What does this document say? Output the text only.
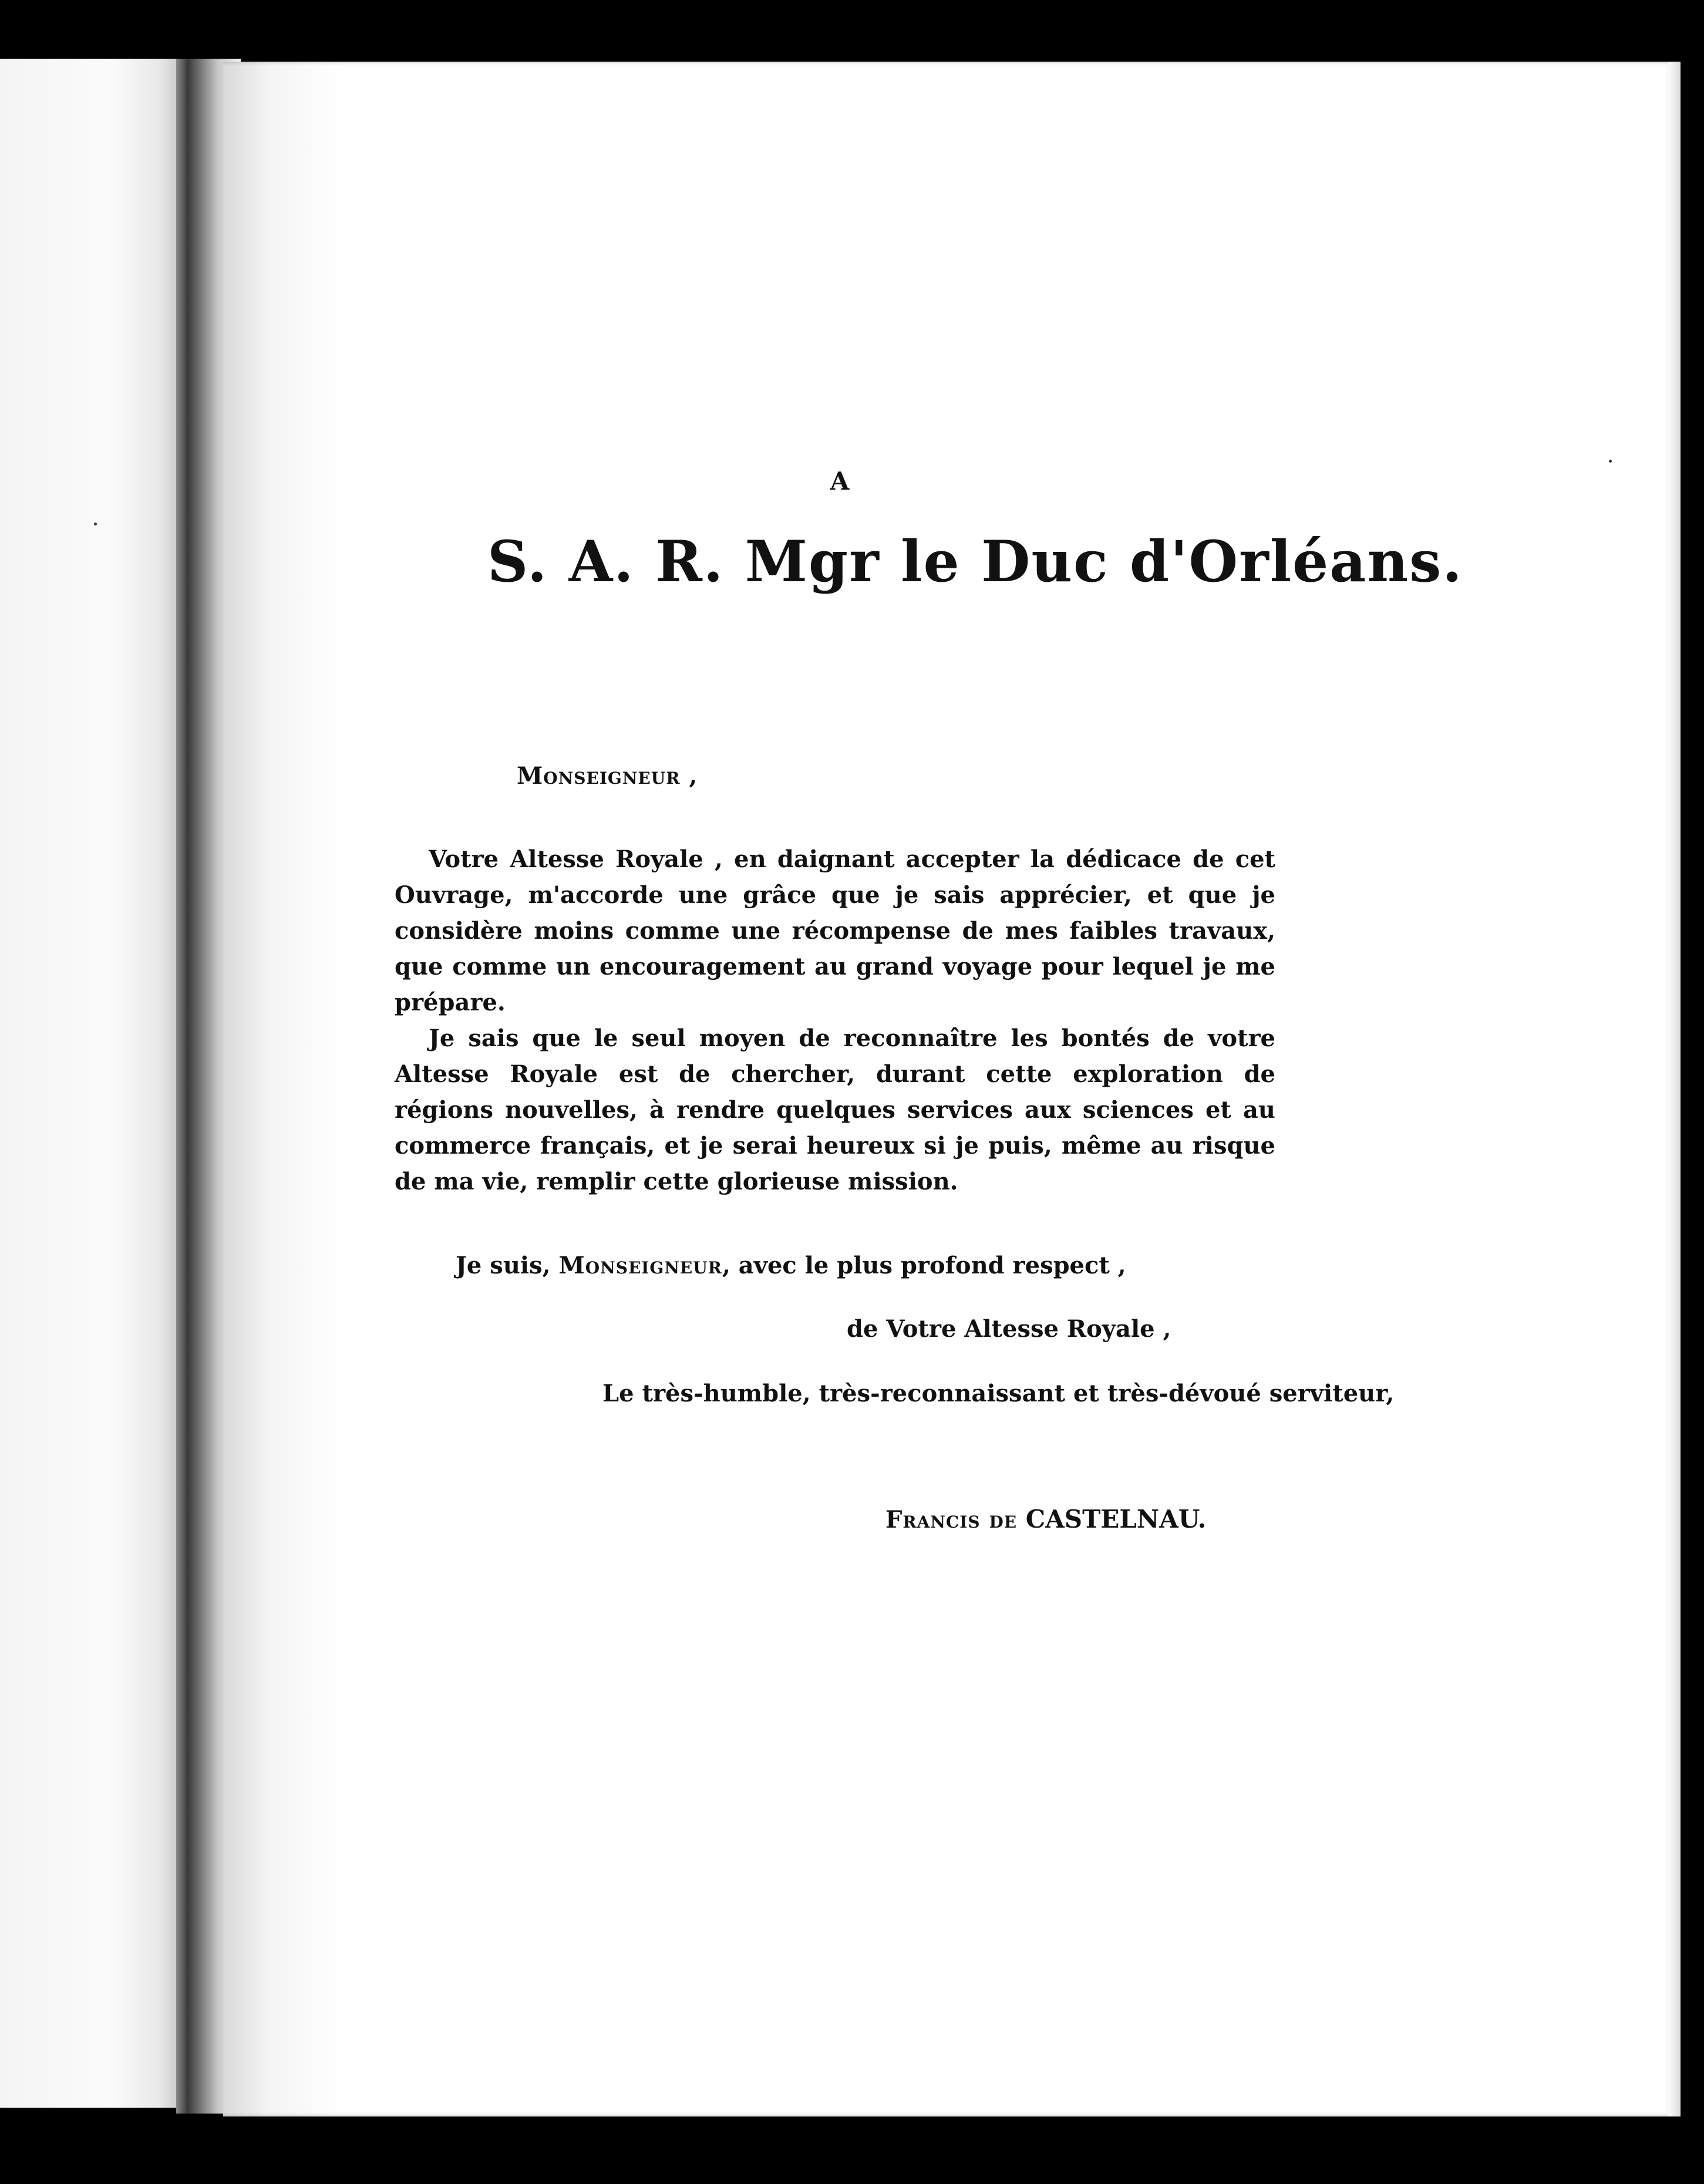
A
S. A. R. Mgr le Duc d'Orléans.
Monseigneur ,
Votre Altesse Royale , en daignant accepter la dédicace de cet Ouvrage, m'accorde une grâce que je sais apprécier, et que je considère moins comme une récompense de mes faibles travaux, que comme un encouragement au grand voyage pour lequel je me prépare.
Je sais que le seul moyen de reconnaître les bontés de votre Altesse Royale est de chercher, durant cette exploration de régions nouvelles, à rendre quelques services aux sciences et au commerce français, et je serai heureux si je puis, même au risque de ma vie, remplir cette glorieuse mission.
Je suis, Monseigneur, avec le plus profond respect ,
de Votre Altesse Royale ,
Le très-humble, très-reconnaissant et très-dévoué serviteur,
Francis de CASTELNAU.
